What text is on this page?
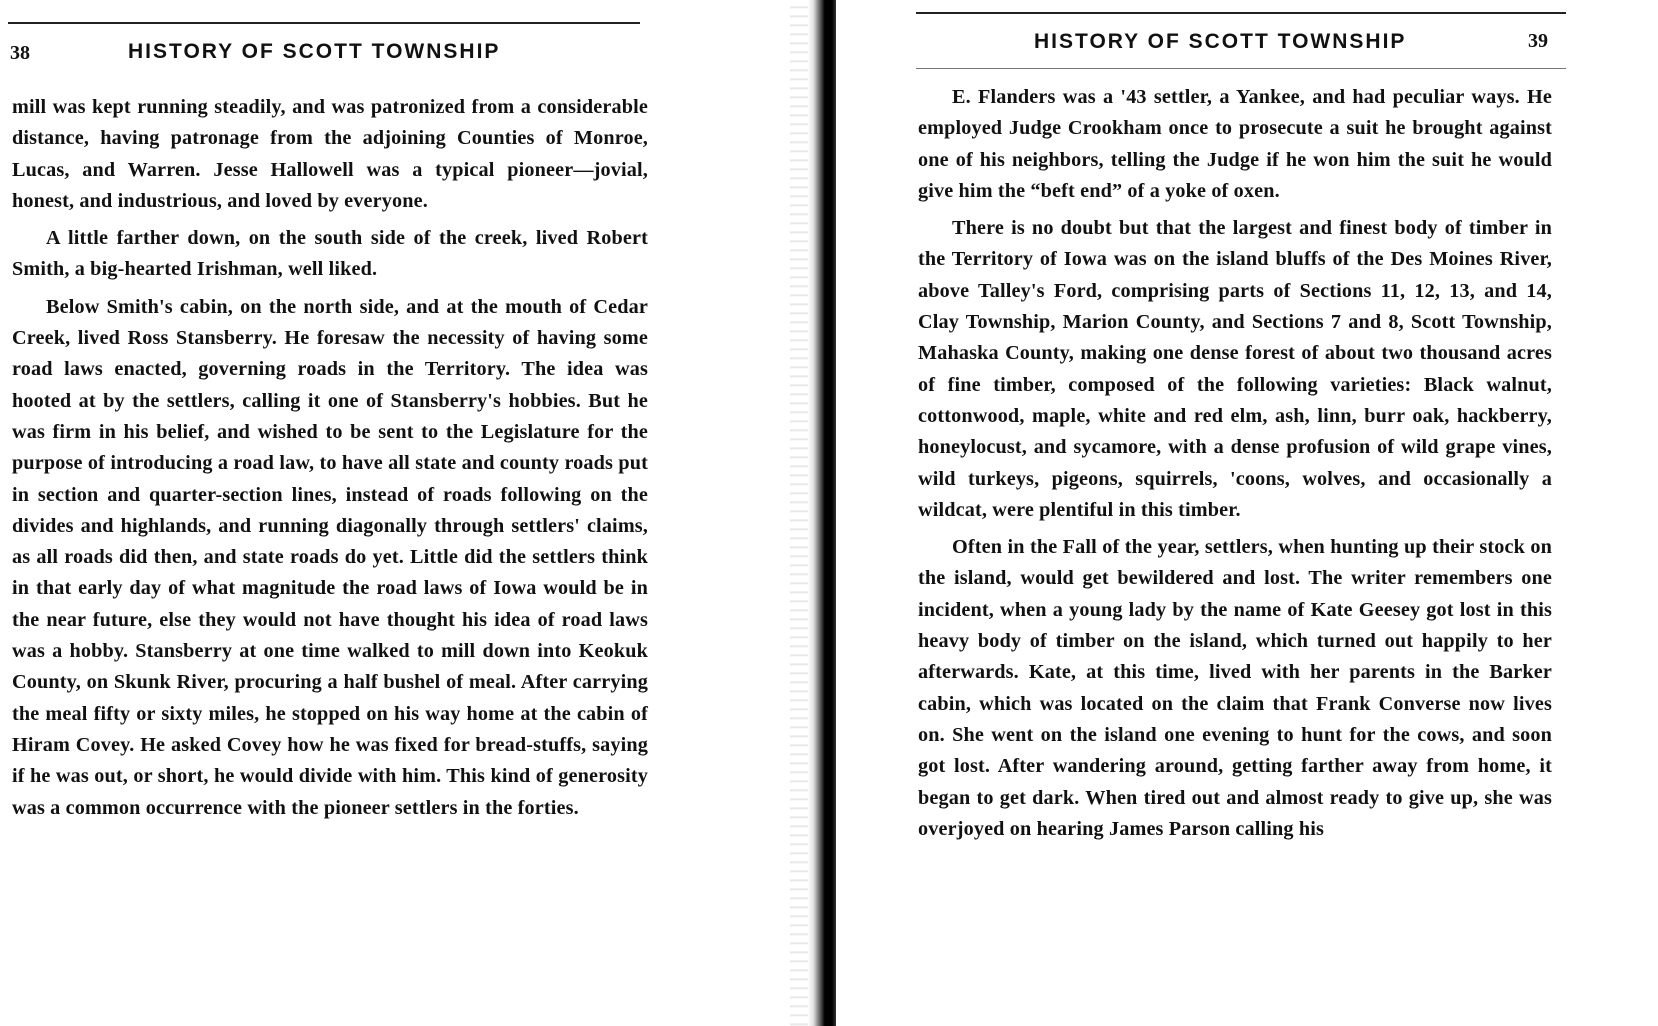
38	HISTORY OF SCOTT TOWNSHIP

mill was kept running steadily, and was patronized from a considerable distance, having patronage from the adjoining Counties of Monroe, Lucas, and Warren. Jesse Hallowell was a typical pioneer—jovial, honest, and industrious, and loved by everyone.

A little farther down, on the south side of the creek, lived Robert Smith, a big-hearted Irishman, well liked.

Below Smith's cabin, on the north side, and at the mouth of Cedar Creek, lived Ross Stansberry. He foresaw the necessity of having some road laws enacted, governing roads in the Territory. The idea was hooted at by the settlers, calling it one of Stansberry's hobbies. But he was firm in his belief, and wished to be sent to the Legislature for the purpose of introducing a road law, to have all state and county roads put in section and quarter-section lines, instead of roads following on the divides and highlands, and running diagonally through settlers' claims, as all roads did then, and state roads do yet. Little did the settlers think in that early day of what magnitude the road laws of Iowa would be in the near future, else they would not have thought his idea of road laws was a hobby. Stansberry at one time walked to mill down into Keokuk County, on Skunk River, procuring a half bushel of meal. After carrying the meal fifty or sixty miles, he stopped on his way home at the cabin of Hiram Covey. He asked Covey how he was fixed for bread-stuffs, saying if he was out, or short, he would divide with him. This kind of generosity was a common occurrence with the pioneer settlers in the forties.

HISTORY OF SCOTT TOWNSHIP	39

E. Flanders was a '43 settler, a Yankee, and had peculiar ways. He employed Judge Crookham once to prosecute a suit he brought against one of his neighbors, telling the Judge if he won him the suit he would give him the “beft end” of a yoke of oxen.

There is no doubt but that the largest and finest body of timber in the Territory of Iowa was on the island bluffs of the Des Moines River, above Talley's Ford, comprising parts of Sections 11, 12, 13, and 14, Clay Township, Marion County, and Sections 7 and 8, Scott Township, Mahaska County, making one dense forest of about two thousand acres of fine timber, composed of the following varieties: Black walnut, cottonwood, maple, white and red elm, ash, linn, burr oak, hackberry, honeylocust, and sycamore, with a dense profusion of wild grape vines, wild turkeys, pigeons, squirrels, 'coons, wolves, and occasionally a wildcat, were plentiful in this timber.

Often in the Fall of the year, settlers, when hunting up their stock on the island, would get bewildered and lost. The writer remembers one incident, when a young lady by the name of Kate Geesey got lost in this heavy body of timber on the island, which turned out happily to her afterwards. Kate, at this time, lived with her parents in the Barker cabin, which was located on the claim that Frank Converse now lives on. She went on the island one evening to hunt for the cows, and soon got lost. After wandering around, getting farther away from home, it began to get dark. When tired out and almost ready to give up, she was overjoyed on hearing James Parson calling his
